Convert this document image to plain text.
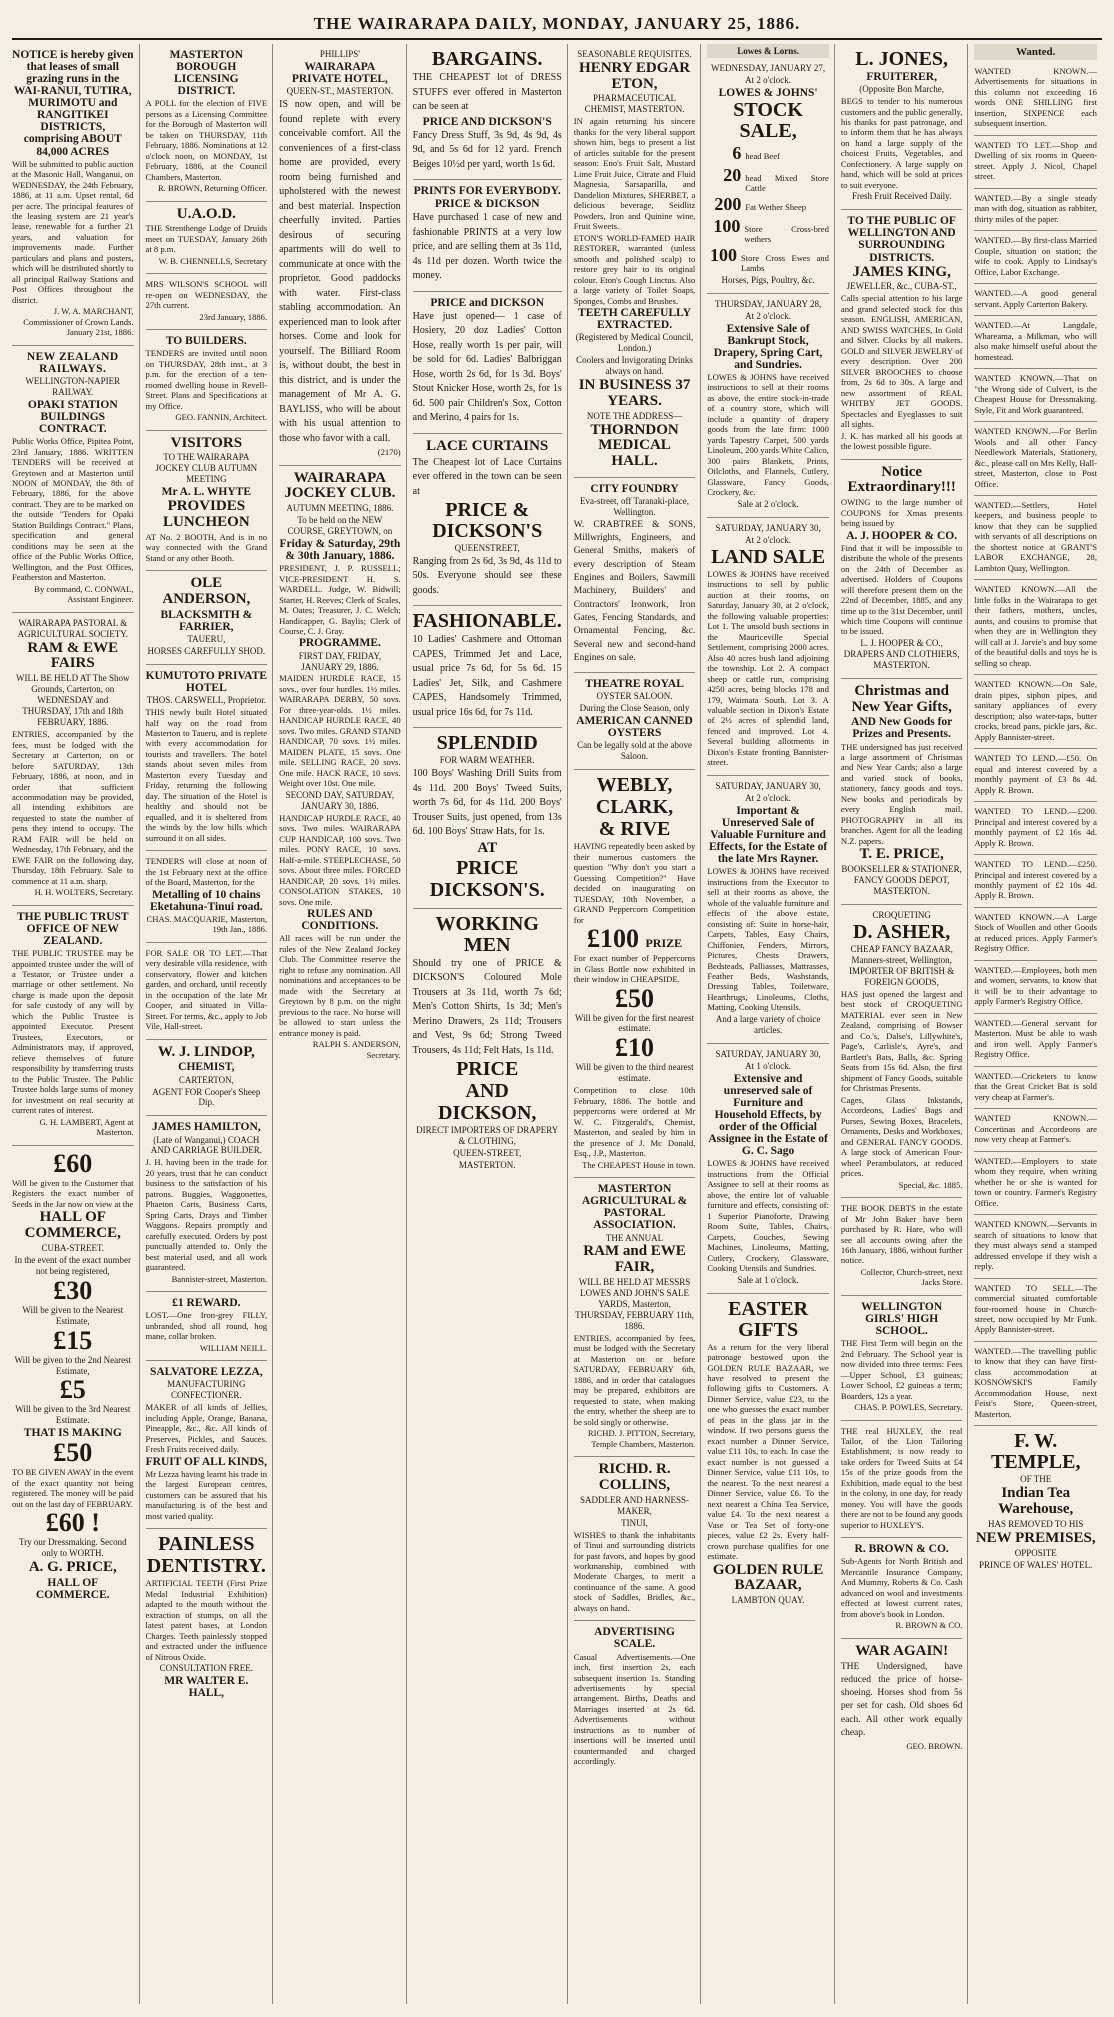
THE WAIRARAPA DAILY, MONDAY, JANUARY 25, 1886.

NOTICE is hereby given that leases of small grazing runs in the WAI-RANUI, TUTIRA, MURIMOTU and RANGITIKEI DISTRICTS, comprising ABOUT 84,000 ACRES

Will be submitted to public auction at the Masonic Hall, Wanganui, on WEDNESDAY, the 24th February, 1886, at 11 a.m. Upset rental, 6d per acre. The principal features of the leasing system are 21 year's lease, renewable for a further 21 years, and valuation for improvements made. Further particulars and plans and posters, which will be distributed shortly to all principal Railway Stations and Post Offices throughout the district.

J. W. A. MARCHANT, Commissioner of Crown Lands. January 21st, 1886.

NEW ZEALAND RAILWAYS.

WELLINGTON-NAPIER RAILWAY.

OPAKI STATION BUILDINGS CONTRACT.

Public Works Office, Pipitea Point, 23rd January, 1886. WRITTEN TENDERS will be received at Greytown and at Masterton until NOON of MONDAY, the 8th of February, 1886, for the above contract. They are to be marked on the outside "Tenders for Opaki Station Buildings Contract." Plans, specification and general conditions may be seen at the office of the Public Works Office, Wellington, and the Post Offices, Featherston and Masterton.

By command, C. CONWAL, Assistant Engineer.

WAIRARAPA PASTORAL & AGRICULTURAL SOCIETY.

RAM & EWE FAIRS

WILL BE HELD AT The Show Grounds, Carterton, on WEDNESDAY and THURSDAY, 17th and 18th FEBRUARY, 1886.

ENTRIES, accompanied by the fees, must be lodged with the Secretary at Carterton, on or before SATURDAY, 13th February, 1886, at noon, and in order that sufficient accommodation may be provided, all intending exhibitors are requested to state the number of pens they intend to occupy. The RAM FAIR will be held on Wednesday, 17th February, and the EWE FAIR on the following day, Thursday, 18th February. Sale to commence at 11 a.m. sharp.

H. H. WOLTERS, Secretary.

THE PUBLIC TRUST OFFICE OF NEW ZEALAND.

THE PUBLIC TRUSTEE may be appointed trustee under the will of a Testator, or Trustee under a marriage or other settlement. No charge is made upon the deposit for safe custody of any will by which the Public Trustee is appointed Executor. Present Trustees, Executors, or Administrators may, if approved, relieve themselves of future responsibility by transferring trusts to the Public Trustee. The Public Trustee holds large sums of money for investment on real security at current rates of interest.

G. H. LAMBERT, Agent at Masterton.

£60

Will be given to the Customer that Registers the exact number of Seeds in the Jar now on view at the

HALL OF COMMERCE,

CUBA-STREET.

In the event of the exact number not being registered,

£30

Will be given to the Nearest Estimate,

£15

Will be given to the 2nd Nearest Estimate,

£5

Will be given to the 3rd Nearest Estimate.

THAT IS MAKING

£50

TO BE GIVEN AWAY in the event of the exact quantity not being registered. The money will be paid out on the last day of FEBRUARY.

£60 !

Try our Dressmaking. Second only to WORTH.

A. G. PRICE,

HALL OF COMMERCE.

MASTERTON BOROUGH LICENSING DISTRICT.

A POLL for the election of FIVE persons as a Licensing Committee for the Borough of Masterton will be taken on THURSDAY, 11th February, 1886. Nominations at 12 o'clock noon, on MONDAY, 1st February, 1886, at the Council Chambers, Masterton.

R. BROWN, Returning Officer.

U.A.O.D.

THE Strenthenge Lodge of Druids meet on TUESDAY, January 26th at 8 p.m.

W. B. CHENNELLS, Secretary

MRS WILSON'S SCHOOL will re-open on WEDNESDAY, the 27th current.

23rd January, 1886.

TO BUILDERS.

TENDERS are invited until noon on THURSDAY, 28th inst., at 3 p.m. for the erection of a ten-roomed dwelling house in Revell-Street. Plans and Specifications at my Office.

GEO. FANNIN, Architect.

VISITORS

TO THE WAIRARAPA JOCKEY CLUB AUTUMN MEETING

Mr A. L. WHYTE

PROVIDES LUNCHEON

AT No. 2 BOOTH, And is in no way connected with the Grand Stand or any other Booth.

OLE ANDERSON,

BLACKSMITH & FARRIER,

TAUERU,

HORSES CAREFULLY SHOD.

KUMUTOTO PRIVATE HOTEL

THOS. CARSWELL, Proprietor.

THIS newly built Hotel situated half way on the road from Masterton to Taueru, and is replete with every accommodation for tourists and travellers. The hotel stands about seven miles from Masterton every Tuesday and Friday, returning the following day. The situation of the Hotel is healthy and should not be equalled, and it is sheltered from the winds by the low hills which surround it on all sides.

TENDERS will close at noon of the 1st February next at the office of the Board, Masterton, for the

Metalling of 10 chains Eketahuna-Tinui road.

CHAS. MACQUARIE, Masterton, 19th Jan., 1886.

FOR SALE OR TO LET.—That very desirable villa residence, with conservatory, flower and kitchen garden, and orchard, until recently in the occupation of the late Mr Cooper, and situated in Villa-Street. For terms, &c., apply to Job Vile, Hall-street.

W. J. LINDOP,

CHEMIST,

CARTERTON,

AGENT FOR Cooper's Sheep Dip.

JAMES HAMILTON,

(Late of Wanganui,) COACH AND CARRIAGE BUILDER.

J. H. having been in the trade for 20 years, trust that he can conduct business to the satisfaction of his patrons. Buggies, Waggonettes, Phaeton Carts, Business Carts, Spring Carts, Drays and Timber Waggons. Repairs promptly and carefully executed. Orders by post punctually attended to. Only the best material used, and all work guaranteed.

Bannister-street, Masterton.

£1 REWARD.

LOST.—One Iron-grey FILLY, unbranded, shod all round, hog mane, collar broken.

WILLIAM NEILL.

SALVATORE LEZZA,

MANUFACTURING CONFECTIONER.

MAKER of all kinds of Jellies, including Apple, Orange, Banana, Pineapple, &c., &c. All kinds of Preserves, Pickles, and Sauces. Fresh Fruits received daily.

FRUIT OF ALL KINDS,

Mr Lezza having learnt his trade in the largest European centres, customers can be assured that his manufacturing is of the best and most varied quality.

PAINLESS

DENTISTRY.

ARTIFICIAL TEETH (First Prize Medal Industrial Exhibition) adapted to the mouth without the extraction of stumps, on all the latest patent bases, at London Charges. Teeth painlessly stopped and extracted under the influence of Nitrous Oxide.

CONSULTATION FREE.

MR WALTER E. HALL,

PHILLIPS'

WAIRARAPA PRIVATE HOTEL,

QUEEN-ST., MASTERTON.

IS now open, and will be found replete with every conceivable comfort. All the conveniences of a first-class home are provided, every room being furnished and upholstered with the newest and best material. Inspection cheerfully invited. Parties desirous of securing apartments will do well to communicate at once with the proprietor. Good paddocks with water. First-class stabling accommodation. An experienced man to look after horses. Come and look for yourself. The Billiard Room is, without doubt, the best in this district, and is under the management of Mr A. G. BAYLISS, who will be about with his usual attention to those who favor with a call.

(2170)

WAIRARAPA JOCKEY CLUB.

AUTUMN MEETING, 1886.

To be held on the NEW COURSE, GREYTOWN, on

Friday & Saturday, 29th & 30th January, 1886.

PRESIDENT, J. P. RUSSELL; VICE-PRESIDENT H. S. WARDELL. Judge, W. Bidwill; Starter, H. Reeves; Clerk of Scales, M. Oates; Treasurer, J. C. Welch; Handicapper, G. Baylis; Clerk of Course, C. J. Gray.

PROGRAMME.

FIRST DAY, FRIDAY, JANUARY 29, 1886.

MAIDEN HURDLE RACE, 15 sovs., over four hurdles. 1½ miles. WAIRARAPA DERBY, 50 sovs. For three-year-olds. 1½ miles. HANDICAP HURDLE RACE, 40 sovs. Two miles. GRAND STAND HANDICAP, 70 sovs. 1½ miles. MAIDEN PLATE, 15 sovs. One mile. SELLING RACE, 20 sovs. One mile. HACK RACE, 10 sovs. Weight over 10st. One mile.

SECOND DAY, SATURDAY, JANUARY 30, 1886.

HANDICAP HURDLE RACE, 40 sovs. Two miles. WAIRARAPA CUP HANDICAP, 100 sovs. Two miles. PONY RACE, 10 sovs. Half-a-mile. STEEPLECHASE, 50 sovs. About three miles. FORCED HANDICAP, 20 sovs. 1½ miles. CONSOLATION STAKES, 10 sovs. One mile.

RULES AND CONDITIONS.

All races will be run under the rules of the New Zealand Jockey Club. The Committee reserve the right to refuse any nomination. All nominations and acceptances to be made with the Secretary at Greytown by 8 p.m. on the night previous to the race. No horse will be allowed to start unless the entrance money is paid.

RALPH S. ANDERSON, Secretary.

BARGAINS.

THE CHEAPEST lot of DRESS STUFFS ever offered in Masterton can be seen at

PRICE AND DICKSON'S

Fancy Dress Stuff, 3s 9d, 4s 9d, 4s 9d, and 5s 6d for 12 yard. French Beiges 10½d per yard, worth 1s 6d.

PRINTS FOR EVERYBODY.

PRICE & DICKSON

Have purchased 1 case of new and fashionable PRINTS at a very low price, and are selling them at 3s 11d, 4s 11d per dozen. Worth twice the money.

PRICE and DICKSON

Have just opened— 1 case of Hosiery, 20 doz Ladies' Cotton Hose, really worth 1s per pair, will be sold for 6d. Ladies' Balbriggan Hose, worth 2s 6d, for 1s 3d. Boys' Stout Knicker Hose, worth 2s, for 1s 6d. 500 pair Children's Sox, Cotton and Merino, 4 pairs for 1s.

LACE CURTAINS

The Cheapest lot of Lace Curtains ever offered in the town can be seen at

PRICE & DICKSON'S

QUEENSTREET,

Ranging from 2s 6d, 3s 9d, 4s 11d to 50s. Everyone should see these goods.

FASHIONABLE.

10 Ladies' Cashmere and Ottoman CAPES, Trimmed Jet and Lace, usual price 7s 6d, for 5s 6d. 15 Ladies' Jet, Silk, and Cashmere CAPES, Handsomely Trimmed, usual price 16s 6d, for 7s 11d.

SPLENDID

FOR WARM WEATHER.

100 Boys' Washing Drill Suits from 4s 11d. 200 Boys' Tweed Suits, worth 7s 6d, for 4s 11d. 200 Boys' Trouser Suits, just opened, from 13s 6d. 100 Boys' Straw Hats, for 1s.

AT

PRICE

DICKSON'S.

WORKING MEN

Should try one of PRICE & DICKSON'S Coloured Mole Trousers at 3s 11d, worth 7s 6d; Men's Cotton Shirts, 1s 3d; Men's Merino Drawers, 2s 11d; Trousers and Vest, 9s 6d; Strong Tweed Trousers, 4s 11d; Felt Hats, 1s 11d.

PRICE

AND

DICKSON,

DIRECT IMPORTERS OF DRAPERY & CLOTHING,

QUEEN-STREET,

MASTERTON.

SEASONABLE REQUISITES.

HENRY EDGAR ETON,

PHARMACEUTICAL CHEMIST, MASTERTON.

IN again returning his sincere thanks for the very liberal support shown him, begs to present a list of articles suitable for the present season: Eno's Fruit Salt, Mustard Lime Fruit Juice, Citrate and Fluid Magnesia, Sarsaparilla, and Dandelion Mixtures, SHERBET, a delicious beverage, Seidlitz Powders, Iron and Quinine wine, Fruit Sweets.

ETON'S WORLD-FAMED HAIR RESTORER, warranted (unless smooth and polished scalp) to restore grey hair to its original colour. Eton's Cough Linctus. Also a large variety of Toilet Soaps, Sponges, Combs and Brushes.

TEETH CAREFULLY EXTRACTED.

(Registered by Medical Council, London.)

Coolers and Invigorating Drinks always on hand.

IN BUSINESS 37 YEARS.

NOTE THE ADDRESS—

THORNDON MEDICAL HALL.

CITY FOUNDRY

Eva-street, off Taranaki-place, Wellington.

W. CRABTREE & SONS, Millwrights, Engineers, and General Smiths, makers of every description of Steam Engines and Boilers, Sawmill Machinery, Builders' and Contractors' Ironwork, Iron Gates, Fencing Standards, and Ornamental Fencing, &c. Several new and second-hand Engines on sale.

THEATRE ROYAL

OYSTER SALOON.

During the Close Season, only

AMERICAN CANNED OYSTERS

Can be legally sold at the above Saloon.

WEBLY,

CLARK,

& RIVE

HAVING repeatedly been asked by their numerous customers the question "Why don't you start a Guessing Competition?" Have decided on inaugurating on TUESDAY, 10th November, a GRAND Peppercorn Competition for

£100 PRIZE

For exact number of Peppercorns in Glass Bottle now exhibited in their window in CHEAPSIDE.

£50

Will be given for the first nearest estimate.

£10

Will be given to the third nearest estimate.

Competition to close 10th February, 1886. The bottle and peppercorns were ordered at Mr W. C. Fitzgerald's, Chemist, Masterton, and sealed by him in the presence of J. Mc Donald, Esq., J.P., Masterton.

The CHEAPEST House in town.

MASTERTON AGRICULTURAL & PASTORAL ASSOCIATION.

THE ANNUAL

RAM and EWE FAIR,

WILL BE HELD AT MESSRS LOWES AND JOHN'S SALE YARDS, Masterton, THURSDAY, FEBRUARY 11th, 1886.

ENTRIES, accompanied by fees, must be lodged with the Secretary at Masterton on or before SATURDAY, FEBRUARY 6th, 1886, and in order that catalogues may be prepared, exhibitors are requested to state, when making the entry, whether the sheep are to be sold singly or otherwise.

RICHD. J. PITTON, Secretary, Temple Chambers, Masterton.

RICHD. R. COLLINS,

SADDLER AND HARNESS-MAKER,

TINUI,

WISHES to thank the inhabitants of Tinui and surrounding districts for past favors, and hopes by good workmanship, combined with Moderate Charges, to merit a continuance of the same. A good stock of Saddles, Bridles, &c., always on hand.

ADVERTISING SCALE.

Casual Advertisements.—One inch, first insertion 2s, each subsequent insertion 1s. Standing advertisements by special arrangement. Births, Deaths and Marriages inserted at 2s 6d. Advertisements without instructions as to number of insertions will be inserted until countermanded and charged accordingly.

Lowes & Lorns.

WEDNESDAY, JANUARY 27,

At 2 o'clock.

LOWES & JOHNS'

STOCK SALE,

6 head Beef
20 head Mixed Store Cattle
200 Fat Wether Sheep
100 Store Cross-bred wethers
100 Store Cross Ewes and Lambs

Horses, Pigs, Poultry, &c.

THURSDAY, JANUARY 28,

At 2 o'clock.

Extensive Sale of Bankrupt Stock, Drapery, Spring Cart, and Sundries.

LOWES & JOHNS have received instructions to sell at their rooms as above, the entire stock-in-trade of a country store, which will include a quantity of drapery goods from the late firm: 1000 yards Tapestry Carpet, 500 yards Linoleum, 200 yards White Calico, 300 pairs Blankets, Prints, Oilcloths, and Flannels, Cutlery, Glassware, Fancy Goods, Crockery, &c.

Sale at 2 o'clock.

SATURDAY, JANUARY 30,

At 2 o'clock.

LAND SALE

LOWES & JOHNS have received instructions to sell by public auction at their rooms, on Saturday, January 30, at 2 o'clock, the following valuable properties: Lot 1. The unsold bush sections in the Mauriceville Special Settlement, comprising 2000 acres. Also 40 acres bush land adjoining the township. Lot 2. A compact sheep or cattle run, comprising 4250 acres, being blocks 178 and 179, Waimata South. Lot 3. A valuable section in Dixon's Estate of 2½ acres of splendid land, fenced and improved. Lot 4. Several building allotments in Dixon's Estate fronting Bannister-street.

SATURDAY, JANUARY 30,

At 2 o'clock.

Important & Unreserved Sale of Valuable Furniture and Effects, for the Estate of the late Mrs Rayner.

LOWES & JOHNS have received instructions from the Executor to sell at their rooms as above, the whole of the valuable furniture and effects of the above estate, consisting of: Suite in horse-hair, Carpets, Tables, Easy Chairs, Chiffonier, Fenders, Mirrors, Pictures, Chests Drawers, Bedsteads, Palliasses, Mattrasses, Feather Beds, Washstands, Dressing Tables, Toiletware, Hearthrugs, Linoleums, Cloths, Matting, Cooking Utensils.

And a large variety of choice articles.

SATURDAY, JANUARY 30,

At 1 o'clock.

Extensive and unreserved sale of Furniture and Household Effects, by order of the Official Assignee in the Estate of G. C. Sago

LOWES & JOHNS have received instructions from the Official Assignee to sell at their rooms as above, the entire lot of valuable furniture and effects, consisting of: 1 Superior Pianoforte, Drawing Room Suite, Tables, Chairs, Carpets, Couches, Sewing Machines, Linoleums, Matting, Cutlery, Crockery, Glassware, Cooking Utensils and Sundries.

Sale at 1 o'clock.

EASTER GIFTS

As a return for the very liberal patronage bestowed upon the GOLDEN RULE BAZAAR, we have resolved to present the following gifts to Customers. A Dinner Service, value £23, to the one who guesses the exact number of peas in the glass jar in the window. If two persons guess the exact number a Dinner Service, value £11 10s, to each. In case the exact number is not guessed a Dinner Service, value £11 10s, to the nearest. To the next nearest a Dinner Service, value £6. To the next nearest a China Tea Service, value £4. To the next nearest a Vase or Tea Set of forty-one pieces, value £2 2s. Every half-crown purchase qualifies for one estimate.

GOLDEN RULE BAZAAR,

LAMBTON QUAY.

L. JONES,

FRUITERER,

(Opposite Bon Marche,

BEGS to tender to his numerous customers and the public generally, his thanks for past patronage, and to inform them that he has always on hand a large supply of the choicest Fruits, Vegetables, and Confectionery. A large supply on hand, which will be sold at prices to suit everyone.

Fresh Fruit Received Daily.

TO THE PUBLIC OF WELLINGTON AND SURROUNDING DISTRICTS.

JAMES KING,

JEWELLER, &c., CUBA-ST.,

Calls special attention to his large and grand selected stock for this season. ENGLISH, AMERICAN, AND SWISS WATCHES, In Gold and Silver. Clocks by all makers. GOLD and SILVER JEWELRY of every description. Over 200 SILVER BROOCHES to choose from, 2s 6d to 30s. A large and new assortment of REAL WHITBY JET GOODS. Spectacles and Eyeglasses to suit all sights.

J. K. has marked all his goods at the lowest possible figure.

Notice Extraordinary!!!

OWING to the large number of COUPONS for Xmas presents being issued by

A. J. HOOPER & CO.

Find that it will be impossible to distribute the whole of the presents on the 24th of December as advertised. Holders of Coupons will therefore present them on the 22nd of December, 1885, and any time up to the 31st December, until which time Coupons will continue to be issued.

L. J. HOOPER & CO., DRAPERS AND CLOTHIERS, MASTERTON.

Christmas and New Year Gifts,

AND New Goods for Prizes and Presents.

THE undersigned has just received a large assortment of Christmas and New Year Cards; also a large and varied stock of books, stationery, fancy goods and toys. New books and periodicals by every English mail. PHOTOGRAPHY in all its branches. Agent for all the leading N.Z. papers.

T. E. PRICE,

BOOKSELLER & STATIONER, FANCY GOODS DEPOT, MASTERTON.

CROQUETING

D. ASHER,

CHEAP FANCY BAZAAR, Manners-street, Wellington, IMPORTER OF BRITISH & FOREIGN GOODS,

HAS just opened the largest and best stock of CROQUETING MATERIAL ever seen in New Zealand, comprising of Bowser and Co.'s, Dalse's, Lillywhite's, Page's, Carlisle's, Ayre's, and Bartlett's Bats, Balls, &c. Spring Seats from 15s 6d. Also, the first shipment of Fancy Goods, suitable for Christmas Presents.

Cages, Glass Inkstands, Accordeons, Ladies' Bags and Purses, Sewing Boxes, Bracelets, Ornaments, Desks and Workboxes, and GENERAL FANCY GOODS. A large stock of American Four-wheel Perambulators, at reduced prices.

Special, &c. 1885.

THE BOOK DEBTS in the estate of Mr John Baker have been purchased by R. Hare, who will see all accounts owing after the 16th January, 1886, without further notice.

Collector, Church-street, next Jacks Store.

WELLINGTON GIRLS' HIGH SCHOOL.

THE First Term will begin on the 2nd February. The School year is now divided into three terms: Fees—Upper School, £3 guineas; Lower School, £2 guineas a term; Boarders, 12s a year.

CHAS. P. POWLES, Secretary.

THE real HUXLEY, the real Tailor, of the Lion Tailoring Establishment, is now ready to take orders for Tweed Suits at £4 15s of the prize goods from the Exhibition, made equal to the best in the colony, in one day, for ready money. You will have the goods there are not to be found any goods superior to HUXLEY'S.

R. BROWN & CO.

Sub-Agents for North British and Mercantile Insurance Company, And Mummy, Roberts & Co. Cash advanced on wool and investments effected at lowest current rates, from above's book in London.

R. BROWN & CO.

WAR AGAIN!

THE Undersigned, have reduced the price of horse-shoeing. Horses shod from 5s per set for cash. Old shoes 6d each. All other work equally cheap.

GEO. BROWN.

Wanted.
WANTED KNOWN.—Advertisements for situations in this column not exceeding 16 words ONE SHILLING first insertion, SIXPENCE each subsequent insertion.
WANTED TO LET.—Shop and Dwelling of six rooms in Queen-street. Apply J. Nicol, Chapel street.
WANTED.—By a single steady man with dog, situation as rabbiter, thirty miles of the paper.
WANTED.—By first-class Married Couple, situation on station; the wife to cook. Apply to Lindsay's Office, Labor Exchange.
WANTED.—A good general servant. Apply Carterton Bakery.
WANTED.—At Langdale, Whareama, a Milkman, who will also make himself useful about the homestead.
WANTED KNOWN.—That on "the Wrong side of Culvert, is the Cheapest House for Dressmaking. Style, Fit and Work guaranteed.
WANTED KNOWN.—For Berlin Wools and all other Fancy Needlework Materials, Stationery, &c., please call on Mrs Kelly, Hall-street, Masterton, close to Post Office.
WANTED.—Settlers, Hotel keepers, and business people to know that they can be supplied with servants of all descriptions on the shortest notice at GRANT'S LABOR EXCHANGE, 28, Lambton Quay, Wellington.
WANTED KNOWN.—All the little folks in the Wairarapa to get their fathers, mothers, uncles, aunts, and cousins to promise that when they are in Wellington they will call at J. Jarvie's and buy some of the beautiful dolls and toys he is selling so cheap.
WANTED KNOWN.—On Sale, drain pipes, siphon pipes, and sanitary appliances of every description; also water-taps, butter crocks, bread pans, pickle jars, &c. Apply Bannister-street.
WANTED TO LEND.—£50. On equal and interest covered by a monthly payment of £3 8s 4d. Apply R. Brown.
WANTED TO LEND.—£200. Principal and interest covered by a monthly payment of £2 16s 4d. Apply R. Brown.
WANTED TO LEND.—£250. Principal and interest covered by a monthly payment of £2 10s 4d. Apply R. Brown.
WANTED KNOWN.—A Large Stock of Woollen and other Goods at reduced prices. Apply Farmer's Registry Office.
WANTED.—Employees, both men and women, servants, to know that it will be to their advantage to apply Farmer's Registry Office.
WANTED.—General servant for Masterton. Must be able to wash and iron well. Apply Farmer's Registry Office.
WANTED.—Cricketers to know that the Great Cricket Bat is sold very cheap at Farmer's.
WANTED KNOWN.—Concertinas and Accordeons are now very cheap at Farmer's.
WANTED.—Employers to state whom they require, when writing whether he or she is wanted for town or country. Farmer's Registry Office.
WANTED KNOWN.—Servants in search of situations to know that they must always send a stamped addressed envelope if they wish a reply.
WANTED TO SELL.—The commercial situated comfortable four-roomed house in Church-street, now occupied by Mr Funk. Apply Bannister-street.
WANTED.—The travelling public to know that they can have first-class accommodation at KOSNOWSKI'S Family Accommodation House, next Feist's Store, Queen-street, Masterton.

F. W. TEMPLE,

OF THE

Indian Tea Warehouse,

HAS REMOVED TO HIS

NEW PREMISES,

OPPOSITE

PRINCE OF WALES' HOTEL.
